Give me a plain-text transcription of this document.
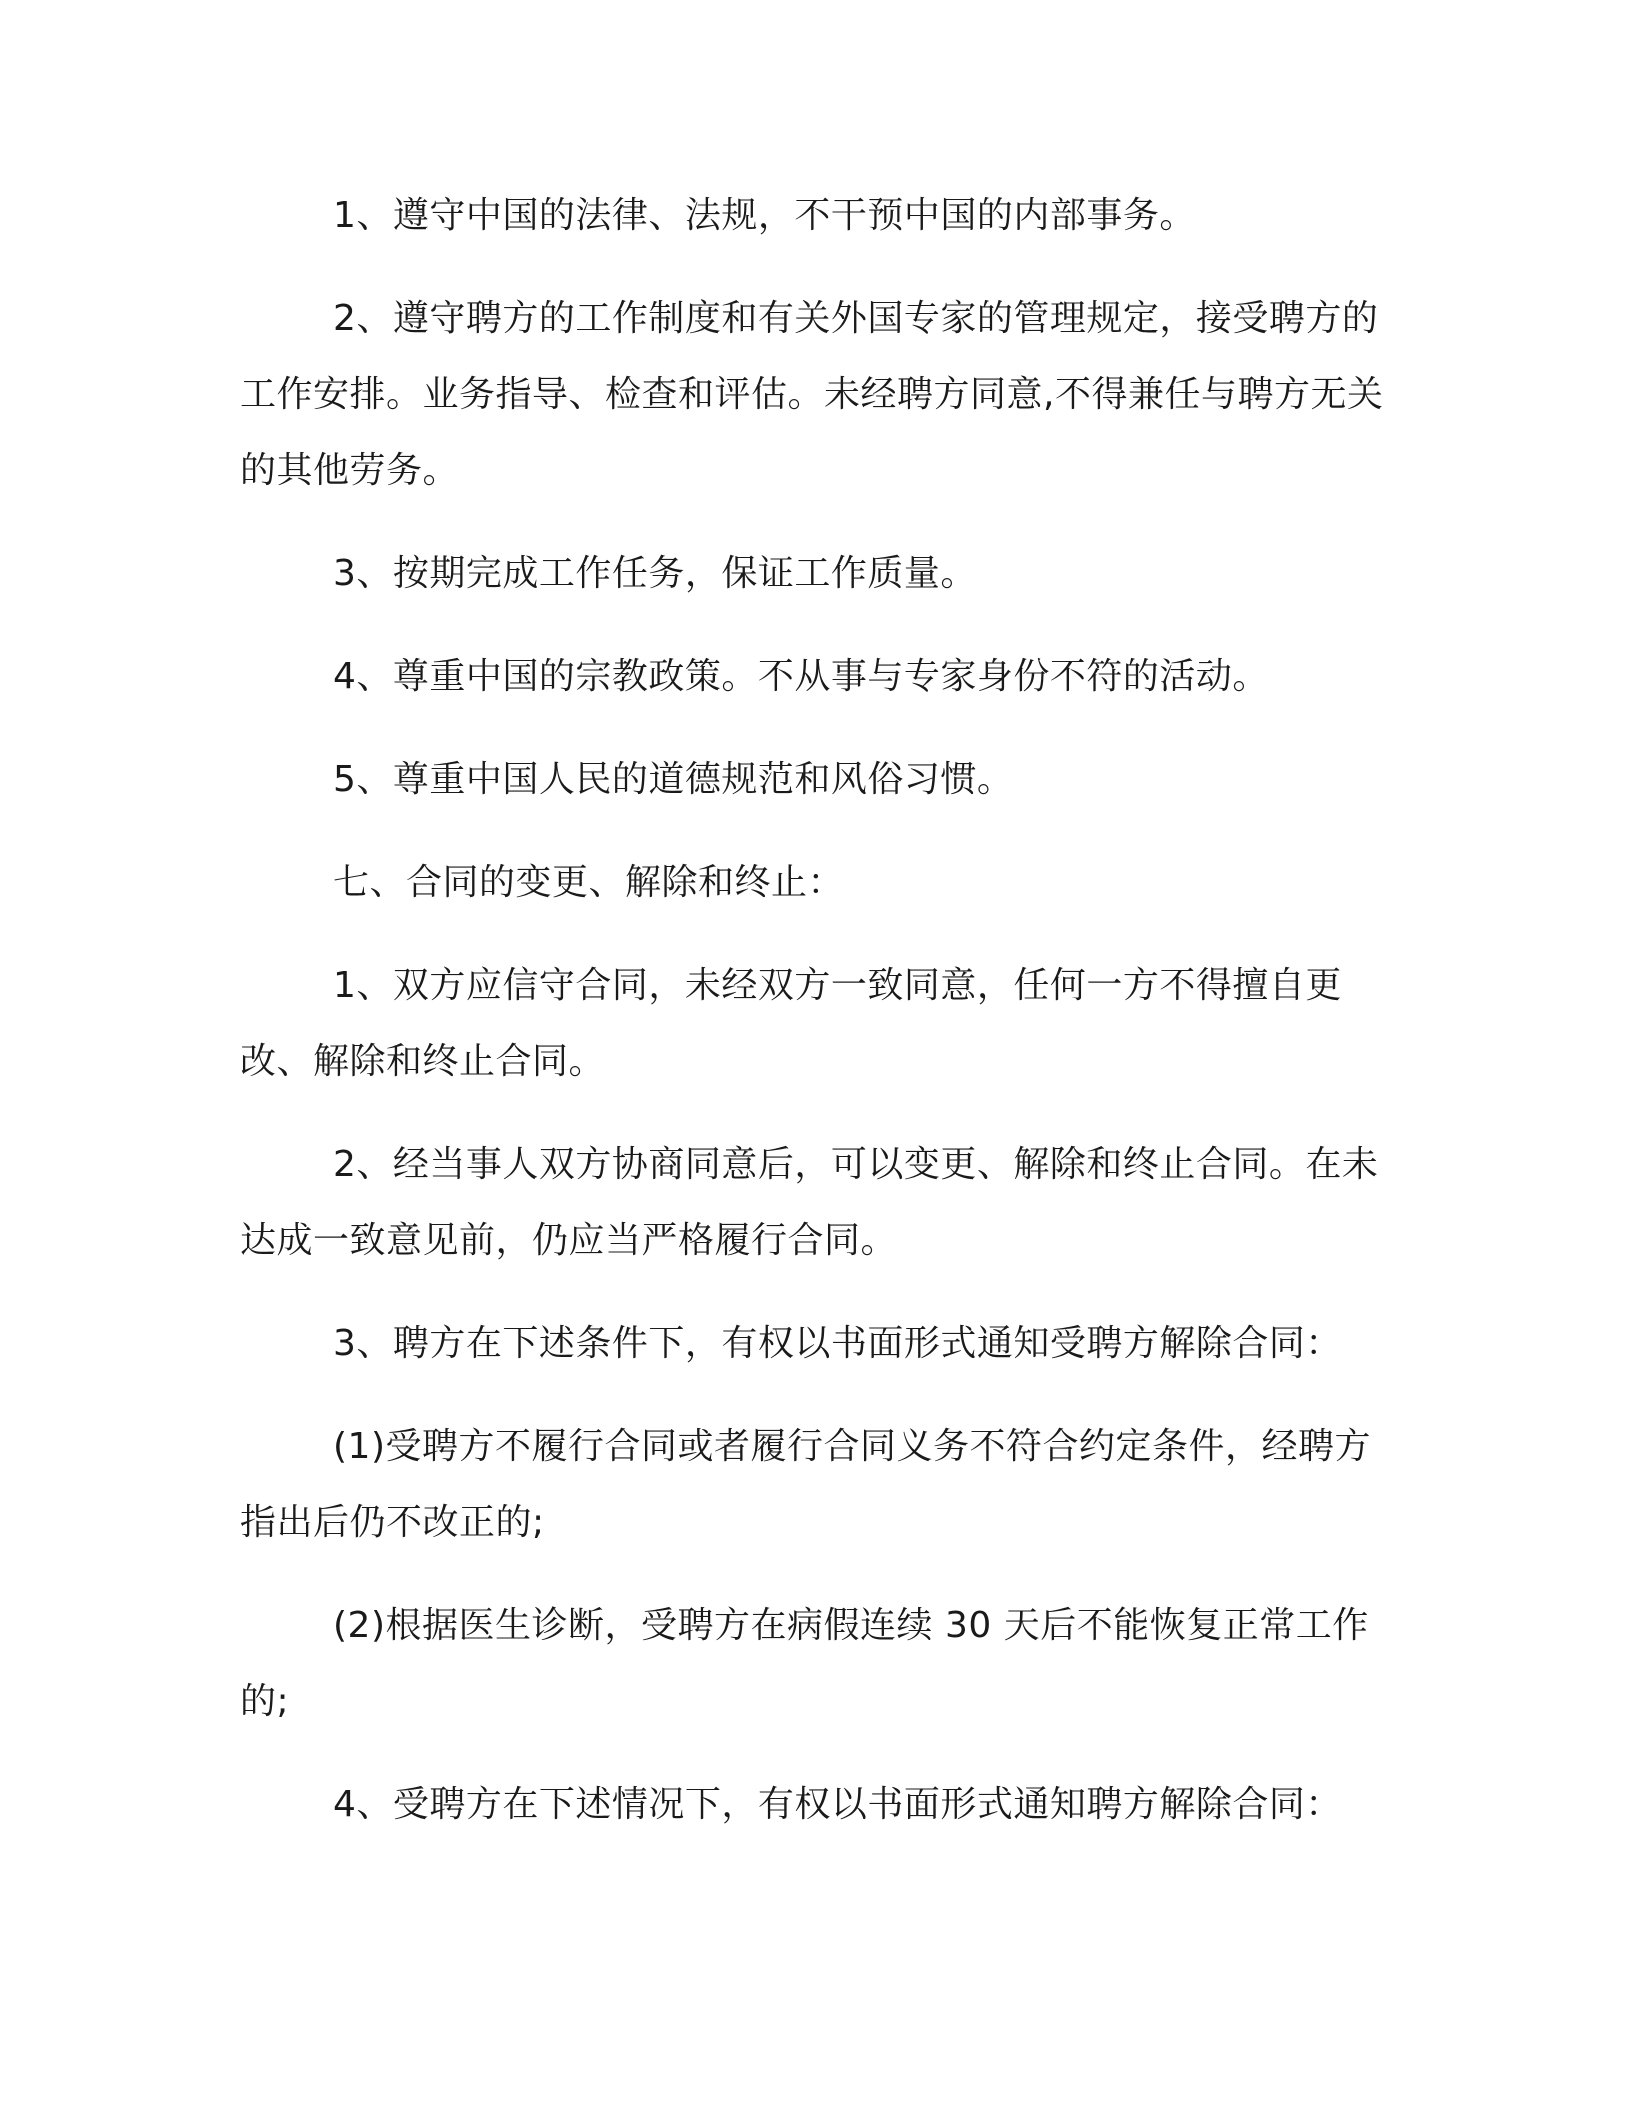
1、遵守中国的法律、法规，不干预中国的内部事务。

2、遵守聘方的工作制度和有关外国专家的管理规定，接受聘方的工作安排。业务指导、检查和评估。未经聘方同意,不得兼任与聘方无关的其他劳务。

3、按期完成工作任务，保证工作质量。

4、尊重中国的宗教政策。不从事与专家身份不符的活动。

5、尊重中国人民的道德规范和风俗习惯。

七、合同的变更、解除和终止：

1、双方应信守合同，未经双方一致同意，任何一方不得擅自更改、解除和终止合同。

2、经当事人双方协商同意后，可以变更、解除和终止合同。在未达成一致意见前，仍应当严格履行合同。

3、聘方在下述条件下，有权以书面形式通知受聘方解除合同：

(1)受聘方不履行合同或者履行合同义务不符合约定条件，经聘方指出后仍不改正的;

(2)根据医生诊断，受聘方在病假连续 30 天后不能恢复正常工作的;

4、受聘方在下述情况下，有权以书面形式通知聘方解除合同：
